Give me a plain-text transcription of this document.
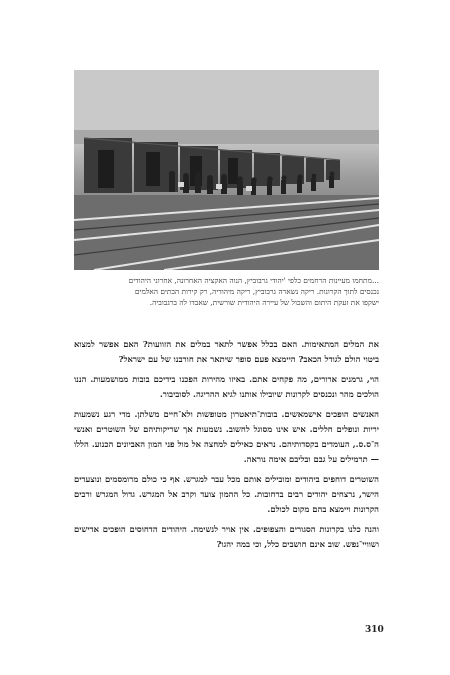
...מתחמו מעיינות הרחמים כלפי 'יהודי גרבוביץ, הנוה האקציה האחרונה, אחרוני היהודים
נכנסים לתוך הקרונות. ריקה נשארה גרבוביץ, ריקה מיהודיה, רק קירות הבתים האלמים
ישקפו את זעקת היתום והשכול של עיירה היהודית שורשית, שאבדו לה ברגבוביה.

את המלים המתאימות. האם בכלל אפשר לתאר במלים את הזוועות? האם אפשר למצוא ביטוי הולם לגודל הכאב? היימצא פעם סופר שיתאר את חורבנו של עם ישראל?

הוי, גרמנים ארורים, מה פקחים אתם. באיזו מהירות הפכנו בידיכם בובות ממושמעות. הננו הולכים מהר ונכנסים לקרונות שיובילו אותנו לגיא ההריגה. לסוביבור.

האנשים הופכים אישמאשים. בובות־תיאטרון מטופשות ולא־חיים משלתן. מדי רגע נשמעות יריות ונופלים חללים. איש אינו מסוגל לחשוב. נשמעות אך שריקותיהם של השוטרים ואנשי ה־ס.ס., העומדים בקסדותיהם. נראים כאילים למחצה אל מול פני המון האביונים הכנוע. הללו — תרמילים על גבם ובליבם אימה נוראה.

השוטרים דוחפים ביהודים ומובילים אותם מכל עבר למגרש. אף כי כולם מרומסמים ונוצעדים הישר, נרצחים יהודים רבים ברחובות. כל ההמון צועד וקרב אל המגרש. גדול המגרש ורבים הקרונות ויימצא בהם מקום לכולם.

והנה כלנו בקרונות הסגורים והצפופים. אין אויר לנשימה. היהודים הדחוסים הופכים אדישים ושוויי־נפש. שוב אינם חושבים כלל, וכי במה יהגו?

310
